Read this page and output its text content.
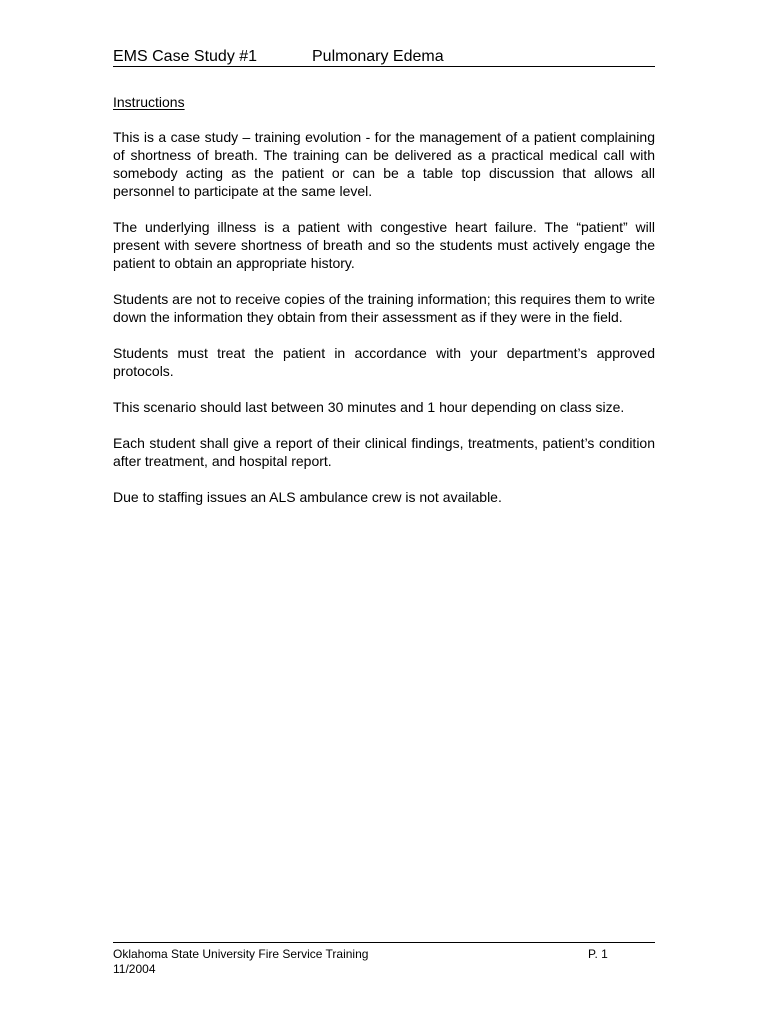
EMS Case Study #1	Pulmonary Edema
Instructions

This is a case study – training evolution - for the management of a patient complaining of shortness of breath. The training can be delivered as a practical medical call with somebody acting as the patient or can be a table top discussion that allows all personnel to participate at the same level.

The underlying illness is a patient with congestive heart failure. The “patient” will present with severe shortness of breath and so the students must actively engage the patient to obtain an appropriate history.

Students are not to receive copies of the training information; this requires them to write down the information they obtain from their assessment as if they were in the field.

Students must treat the patient in accordance with your department’s approved protocols.

This scenario should last between 30 minutes and 1 hour depending on class size.

Each student shall give a report of their clinical findings, treatments, patient’s condition after treatment, and hospital report.

Due to staffing issues an ALS ambulance crew is not available.

Oklahoma State University Fire Service Training	P. 1
11/2004
